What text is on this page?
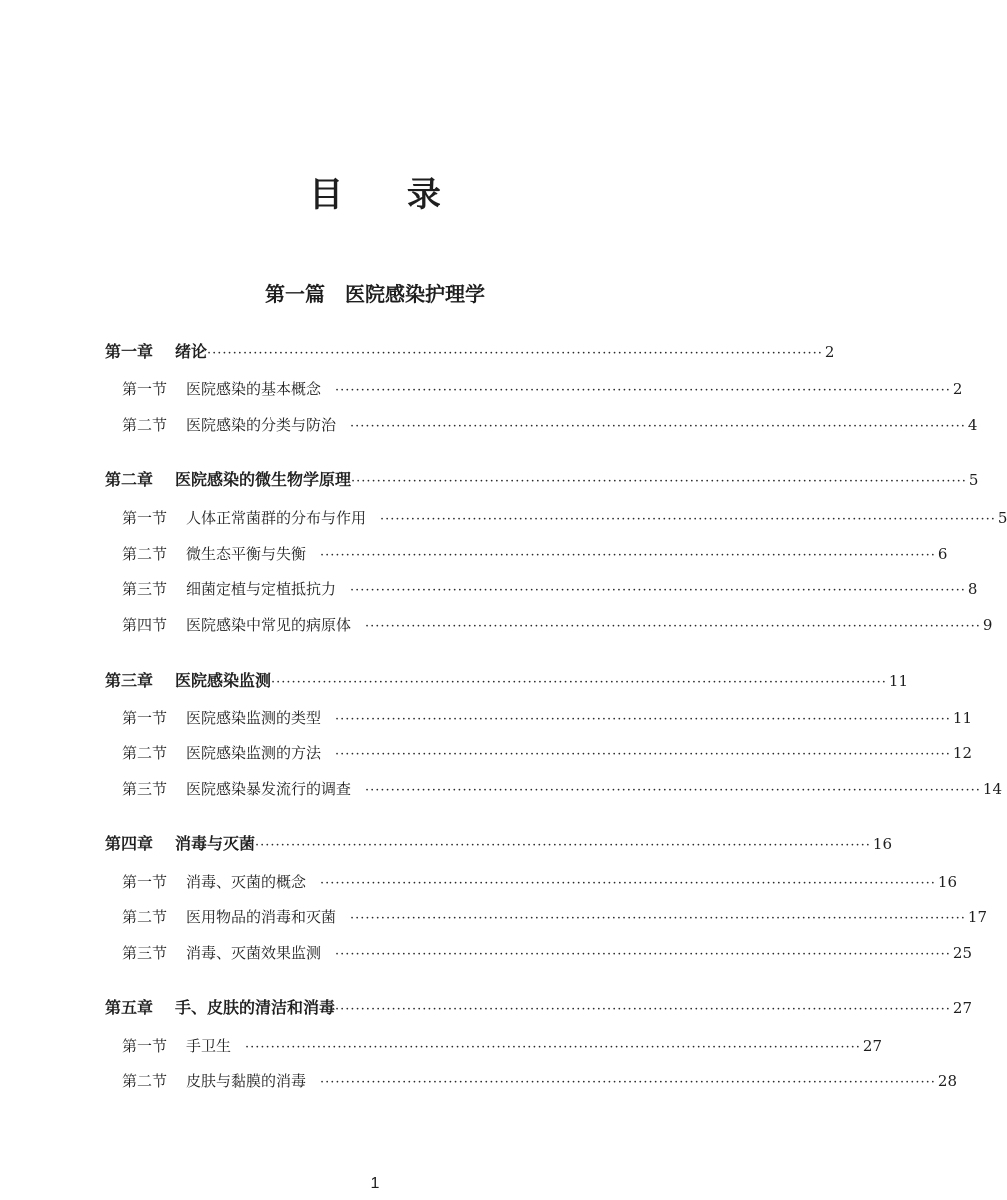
目 录
第一篇　医院感染护理学
第一章	绪论 ························································································································ 2
第一节	医院感染的基本概念	························································································································ 2
第二节	医院感染的分类与防治	························································································································ 4
第二章	医院感染的微生物学原理 ························································································································ 5
第一节	人体正常菌群的分布与作用	························································································································ 5
第二节	微生态平衡与失衡	························································································································ 6
第三节	细菌定植与定植抵抗力	························································································································ 8
第四节	医院感染中常见的病原体	························································································································ 9
第三章	医院感染监测 ························································································································ 11
第一节	医院感染监测的类型	························································································································ 11
第二节	医院感染监测的方法	························································································································ 12
第三节	医院感染暴发流行的调查	························································································································ 14
第四章	消毒与灭菌 ························································································································ 16
第一节	消毒、灭菌的概念	························································································································ 16
第二节	医用物品的消毒和灭菌	························································································································ 17
第三节	消毒、灭菌效果监测	························································································································ 25
第五章	手、皮肤的清洁和消毒 ························································································································ 27
第一节	手卫生	························································································································ 27
第二节	皮肤与黏膜的消毒	························································································································ 28
1
